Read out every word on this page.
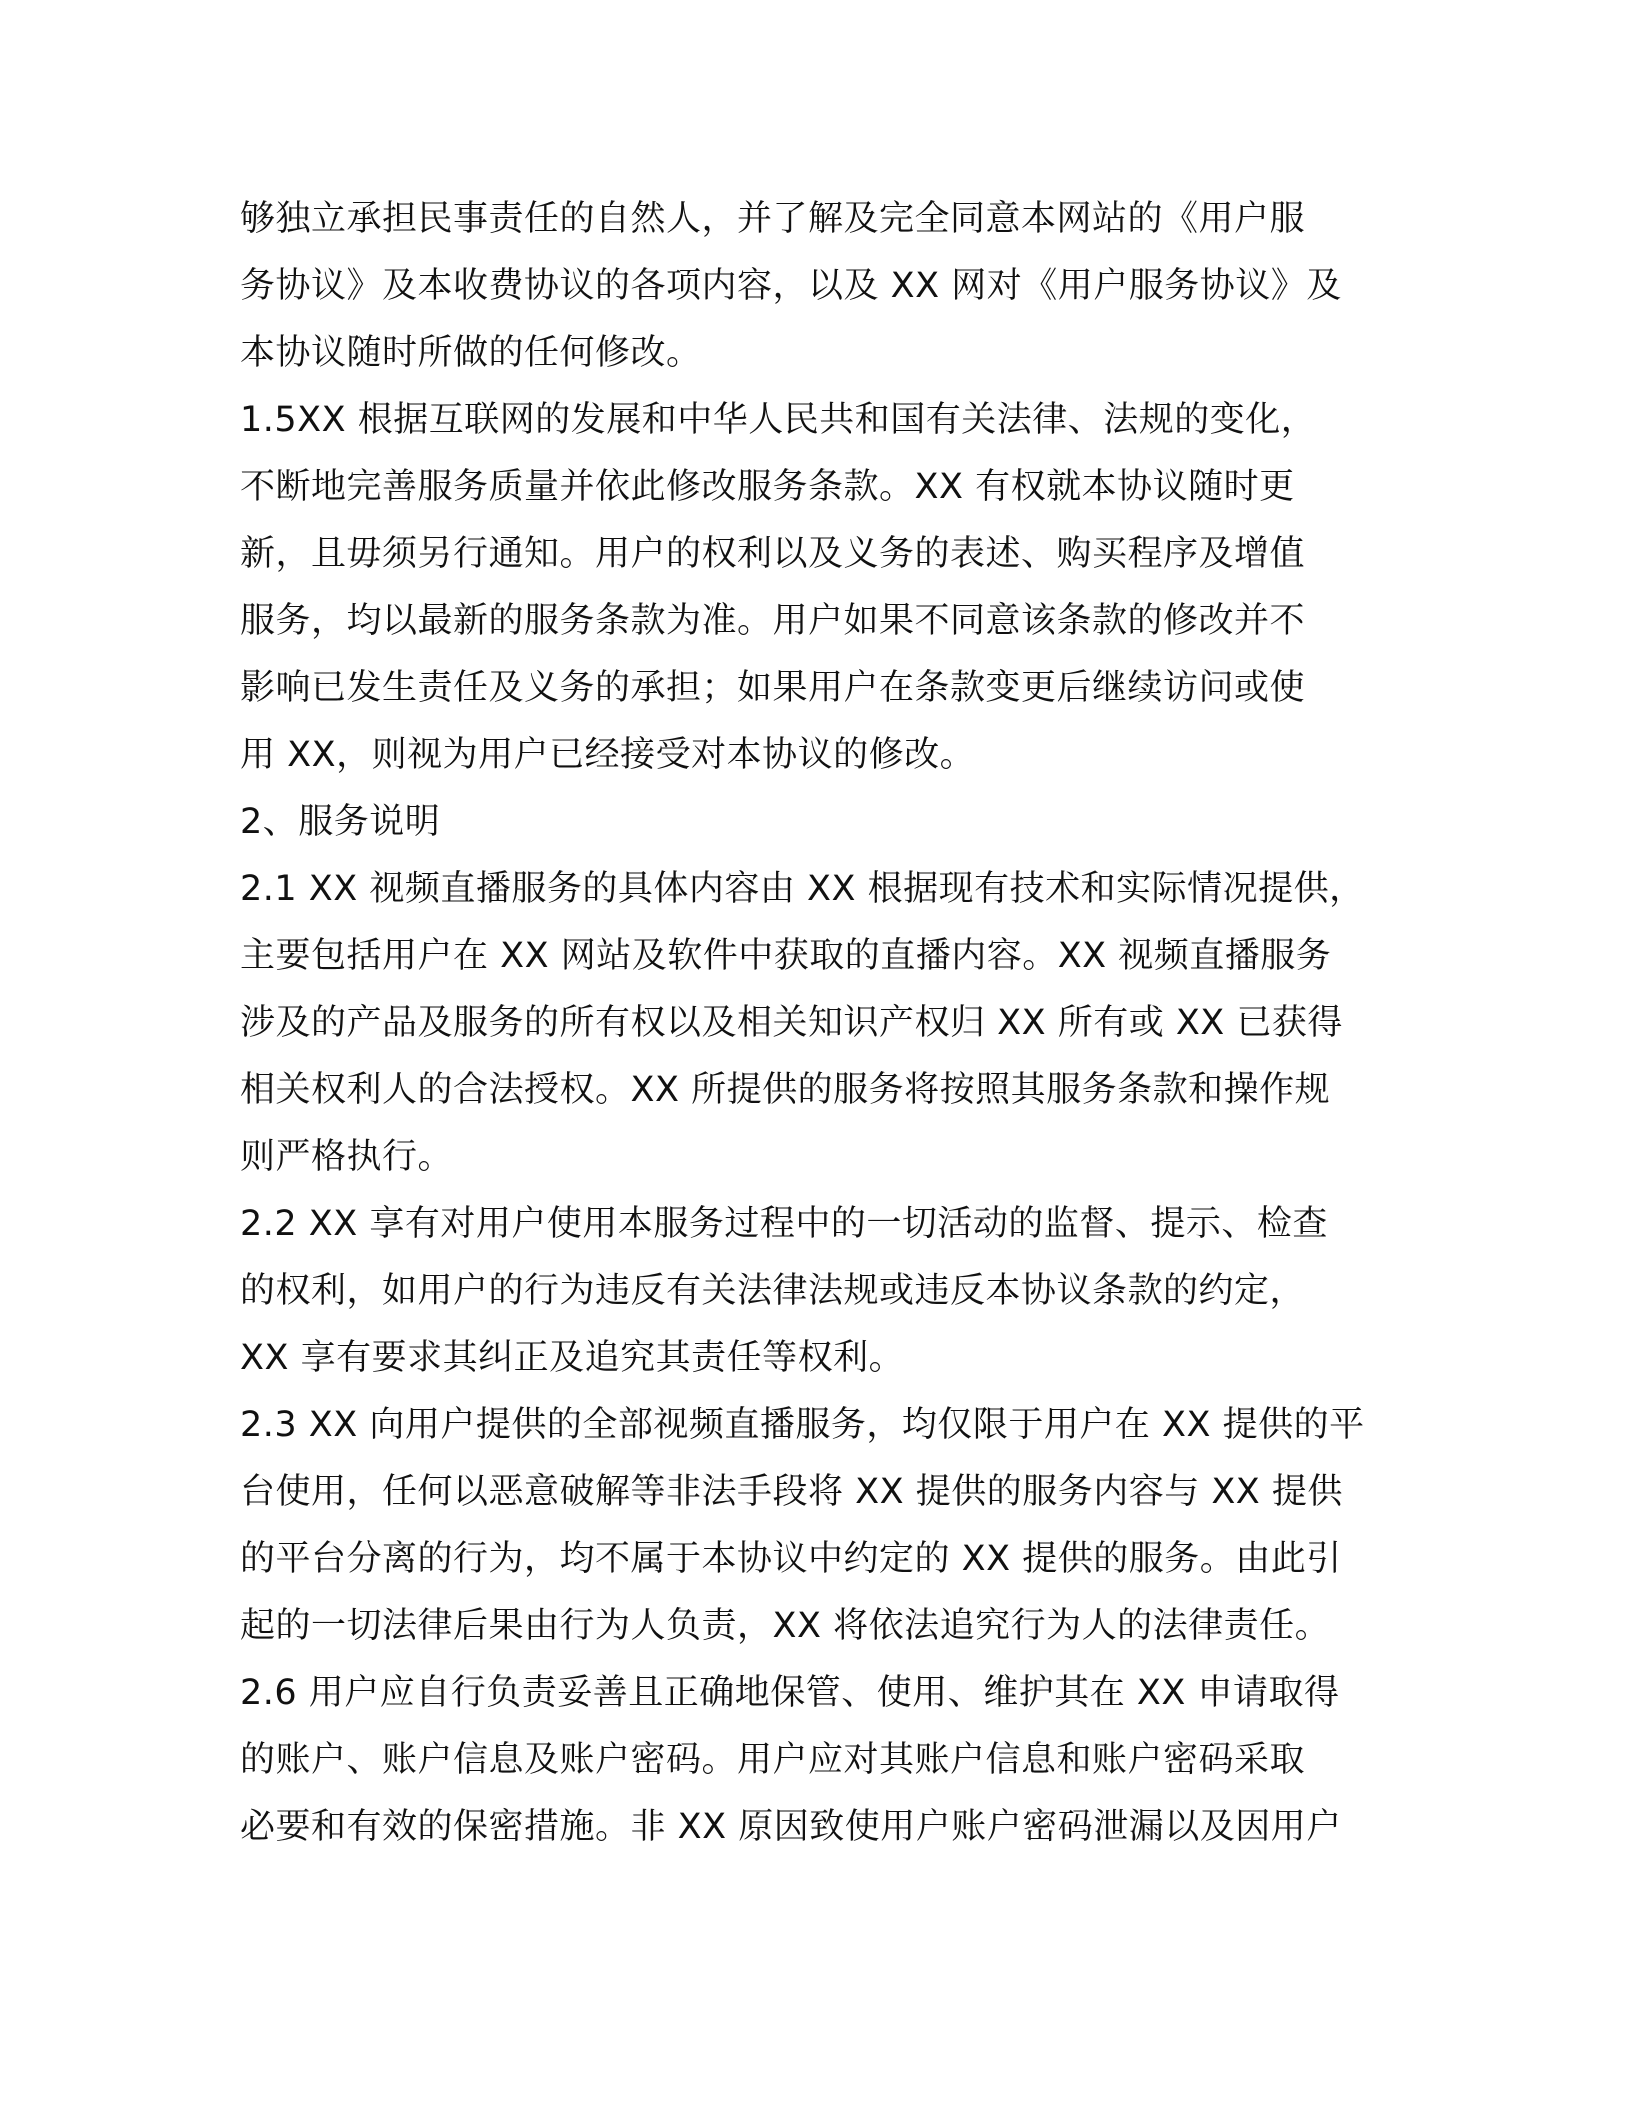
够独立承担民事责任的自然人，并了解及完全同意本网站的《用户服
务协议》及本收费协议的各项内容，以及 XX 网对《用户服务协议》及
本协议随时所做的任何修改。
1.5XX 根据互联网的发展和中华人民共和国有关法律、法规的变化，
不断地完善服务质量并依此修改服务条款。XX 有权就本协议随时更
新，且毋须另行通知。用户的权利以及义务的表述、购买程序及增值
服务，均以最新的服务条款为准。用户如果不同意该条款的修改并不
影响已发生责任及义务的承担；如果用户在条款变更后继续访问或使
用 XX，则视为用户已经接受对本协议的修改。
2、服务说明
2.1 XX 视频直播服务的具体内容由 XX 根据现有技术和实际情况提供，
主要包括用户在 XX 网站及软件中获取的直播内容。XX 视频直播服务
涉及的产品及服务的所有权以及相关知识产权归 XX 所有或 XX 已获得
相关权利人的合法授权。XX 所提供的服务将按照其服务条款和操作规
则严格执行。
2.2 XX 享有对用户使用本服务过程中的一切活动的监督、提示、检查
的权利，如用户的行为违反有关法律法规或违反本协议条款的约定，
XX 享有要求其纠正及追究其责任等权利。
2.3 XX 向用户提供的全部视频直播服务，均仅限于用户在 XX 提供的平
台使用，任何以恶意破解等非法手段将 XX 提供的服务内容与 XX 提供
的平台分离的行为，均不属于本协议中约定的 XX 提供的服务。由此引
起的一切法律后果由行为人负责，XX 将依法追究行为人的法律责任。
2.6 用户应自行负责妥善且正确地保管、使用、维护其在 XX 申请取得
的账户、账户信息及账户密码。用户应对其账户信息和账户密码采取
必要和有效的保密措施。非 XX 原因致使用户账户密码泄漏以及因用户
